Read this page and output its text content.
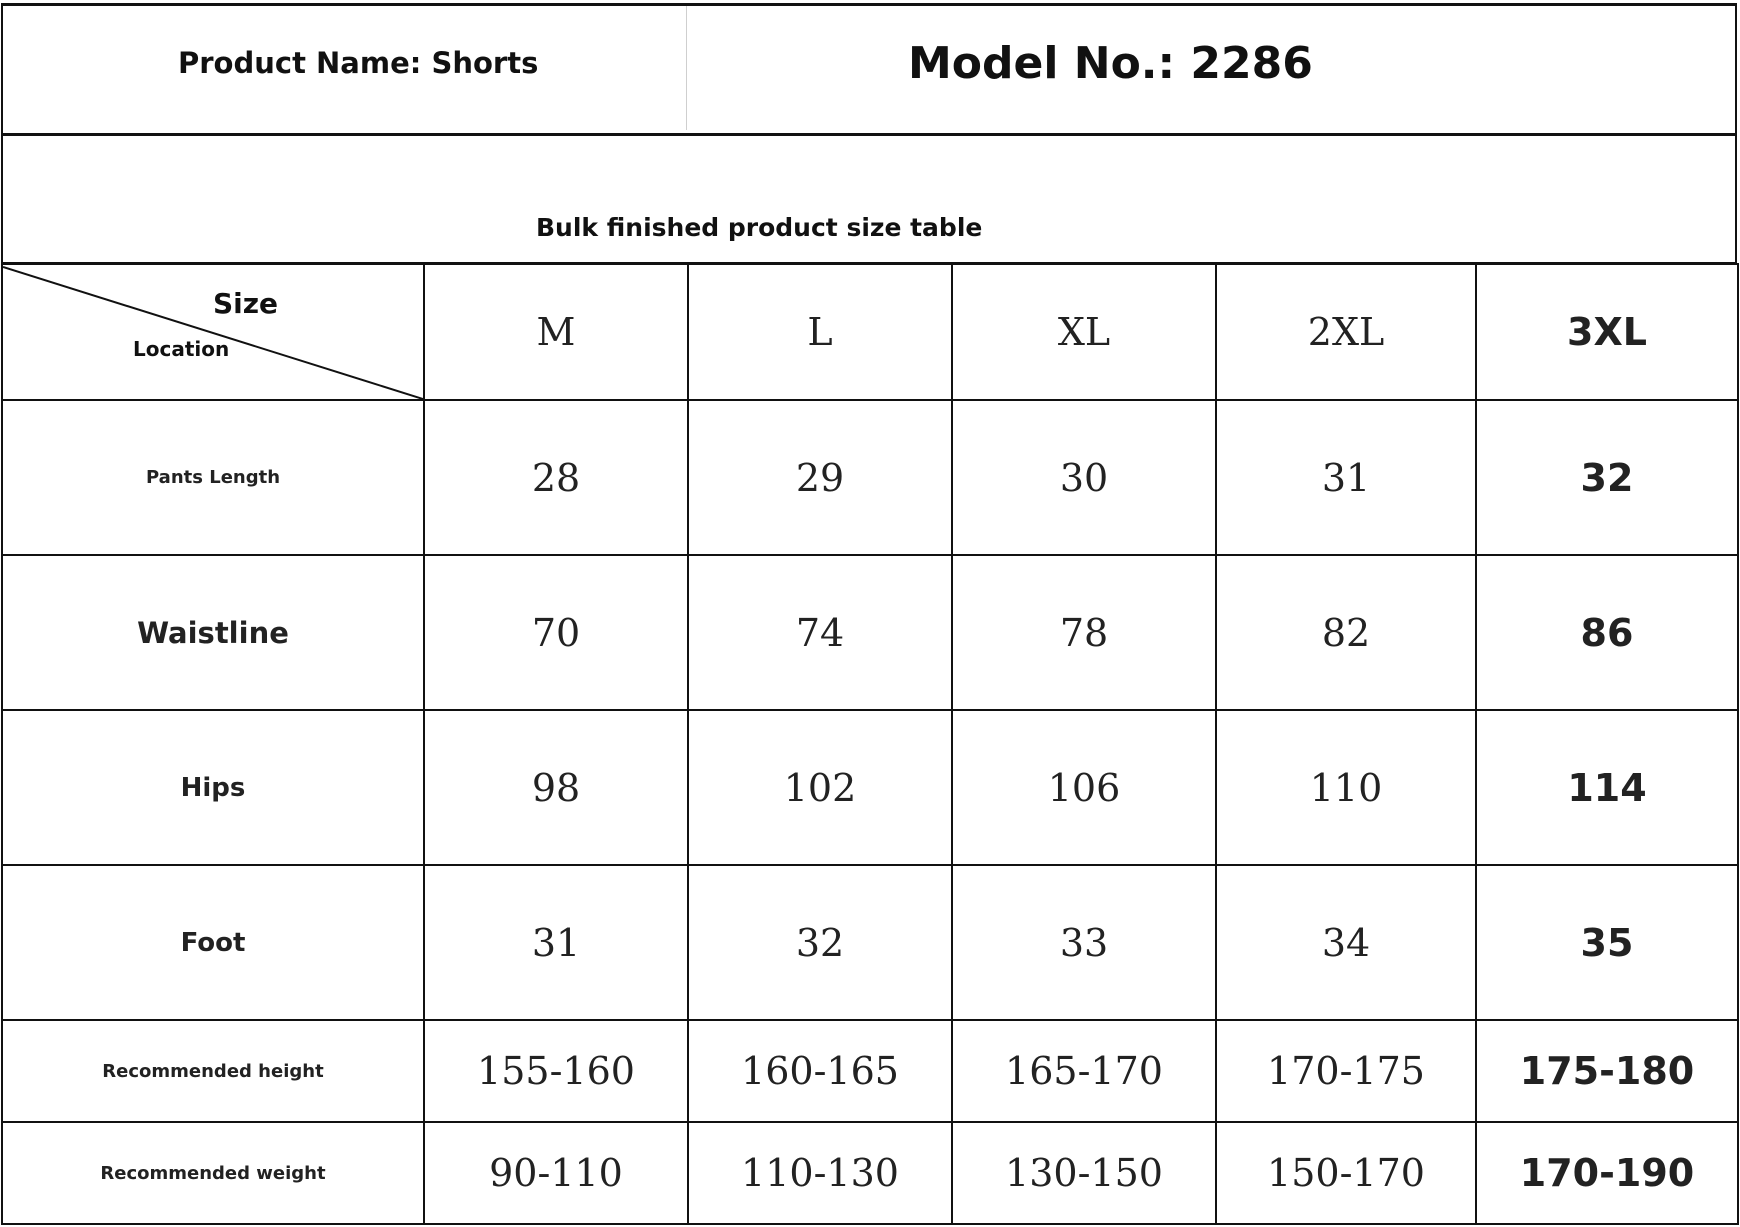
Product Name: Shorts	Model No.: 2286
Bulk finished product size table
Size
Location	M	L	XL	2XL	3XL
Pants Length	28	29	30	31	32
Waistline	70	74	78	82	86
Hips	98	102	106	110	114
Foot	31	32	33	34	35
Recommended height	155-160	160-165	165-170	170-175	175-180
Recommended weight	90-110	110-130	130-150	150-170	170-190
